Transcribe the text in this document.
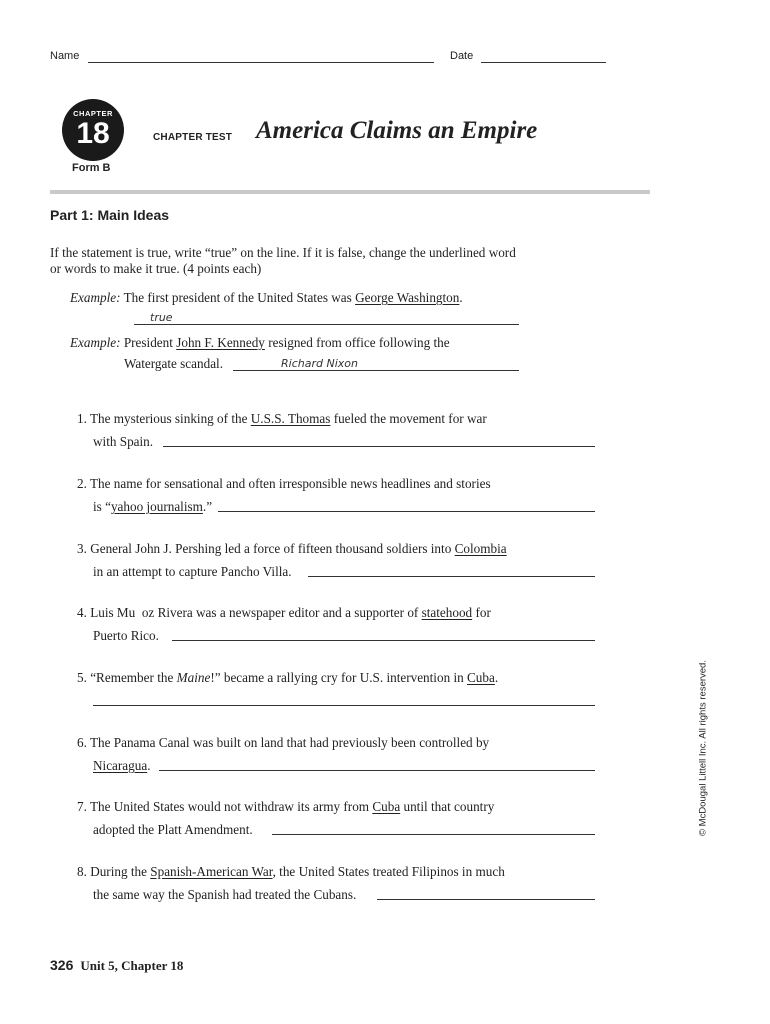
Name	Date
CHAPTER
18
Form B
CHAPTER TEST America Claims an Empire
Part 1: Main Ideas
If the statement is true, write “true” on the line. If it is false, change the underlined word
or words to make it true. (4 points each)
Example: The first president of the United States was George Washington.
true
Example: President John F. Kennedy resigned from office following the
Watergate scandal.	Richard Nixon
1. The mysterious sinking of the U.S.S. Thomas fueled the movement for war
with Spain.
2. The name for sensational and often irresponsible news headlines and stories
is “yahoo journalism.”
3. General John J. Pershing led a force of fifteen thousand soldiers into Colombia
in an attempt to capture Pancho Villa.
4. Luis Mu  oz Rivera was a newspaper editor and a supporter of statehood for
Puerto Rico.
5. “Remember the Maine!” became a rallying cry for U.S. intervention in Cuba.
6. The Panama Canal was built on land that had previously been controlled by
Nicaragua.
7. The United States would not withdraw its army from Cuba until that country
adopted the Platt Amendment.
8. During the Spanish-American War, the United States treated Filipinos in much
the same way the Spanish had treated the Cubans.
326 Unit 5, Chapter 18
© McDougal Littell Inc. All rights reserved.
